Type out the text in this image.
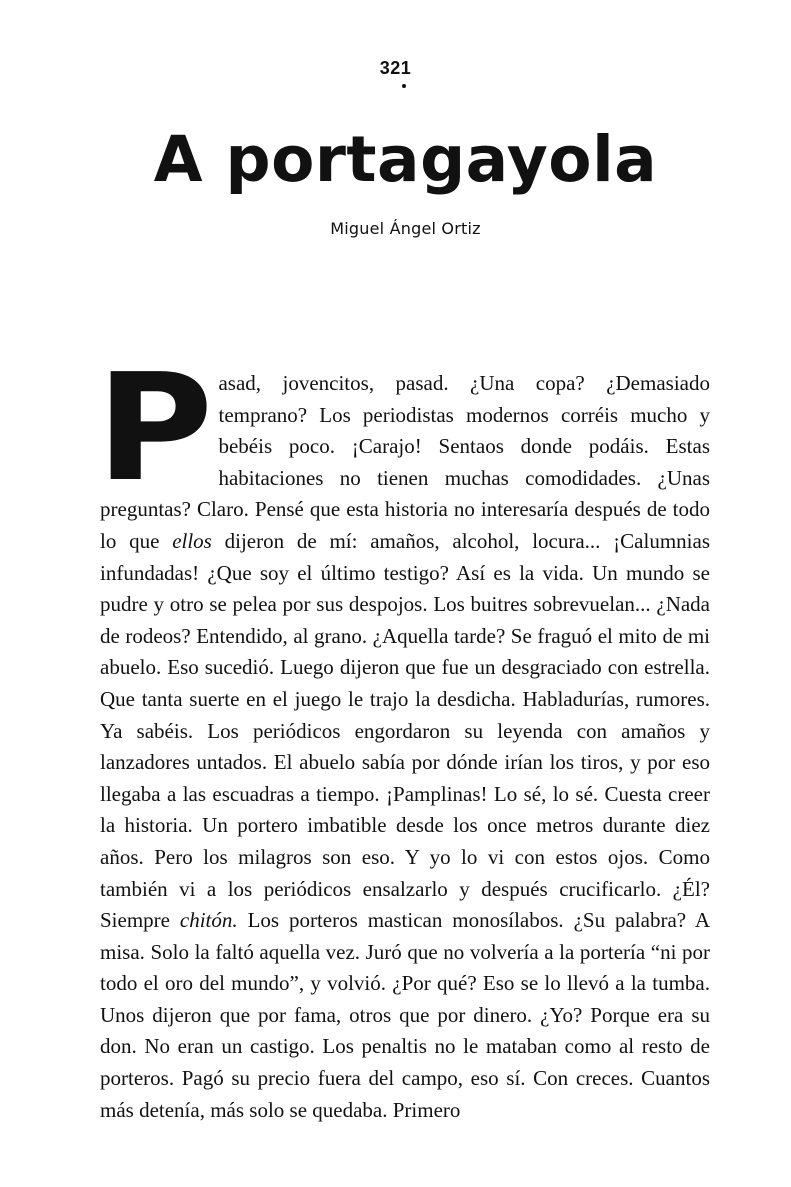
321
A portagayola
Miguel Ángel Ortiz

Pasad, jovencitos, pasad. ¿Una copa? ¿Demasiado temprano? Los periodistas modernos corréis mucho y bebéis poco. ¡Carajo! Sentaos donde podáis. Estas habitaciones no tienen muchas comodidades. ¿Unas preguntas? Claro. Pensé que esta historia no interesaría después de todo lo que ellos dijeron de mí: amaños, alcohol, locura... ¡Calumnias infundadas! ¿Que soy el último testigo? Así es la vida. Un mundo se pudre y otro se pelea por sus despojos. Los buitres sobrevuelan... ¿Nada de rodeos? Entendido, al grano. ¿Aquella tarde? Se fraguó el mito de mi abuelo. Eso sucedió. Luego dijeron que fue un desgraciado con estrella. Que tanta suerte en el juego le trajo la desdicha. Habladurías, rumores. Ya sabéis. Los periódicos engordaron su leyenda con amaños y lanzadores untados. El abuelo sabía por dónde irían los tiros, y por eso llegaba a las escuadras a tiempo. ¡Pamplinas! Lo sé, lo sé. Cuesta creer la historia. Un portero imbatible desde los once metros durante diez años. Pero los milagros son eso. Y yo lo vi con estos ojos. Como también vi a los periódicos ensalzarlo y después crucificarlo. ¿Él? Siempre chitón. Los porteros mastican monosílabos. ¿Su palabra? A misa. Solo la faltó aquella vez. Juró que no volvería a la portería “ni por todo el oro del mundo”, y volvió. ¿Por qué? Eso se lo llevó a la tumba. Unos dijeron que por fama, otros que por dinero. ¿Yo? Porque era su don. No eran un castigo. Los penaltis no le mataban como al resto de porteros. Pagó su precio fuera del campo, eso sí. Con creces. Cuantos más detenía, más solo se quedaba. Primero
